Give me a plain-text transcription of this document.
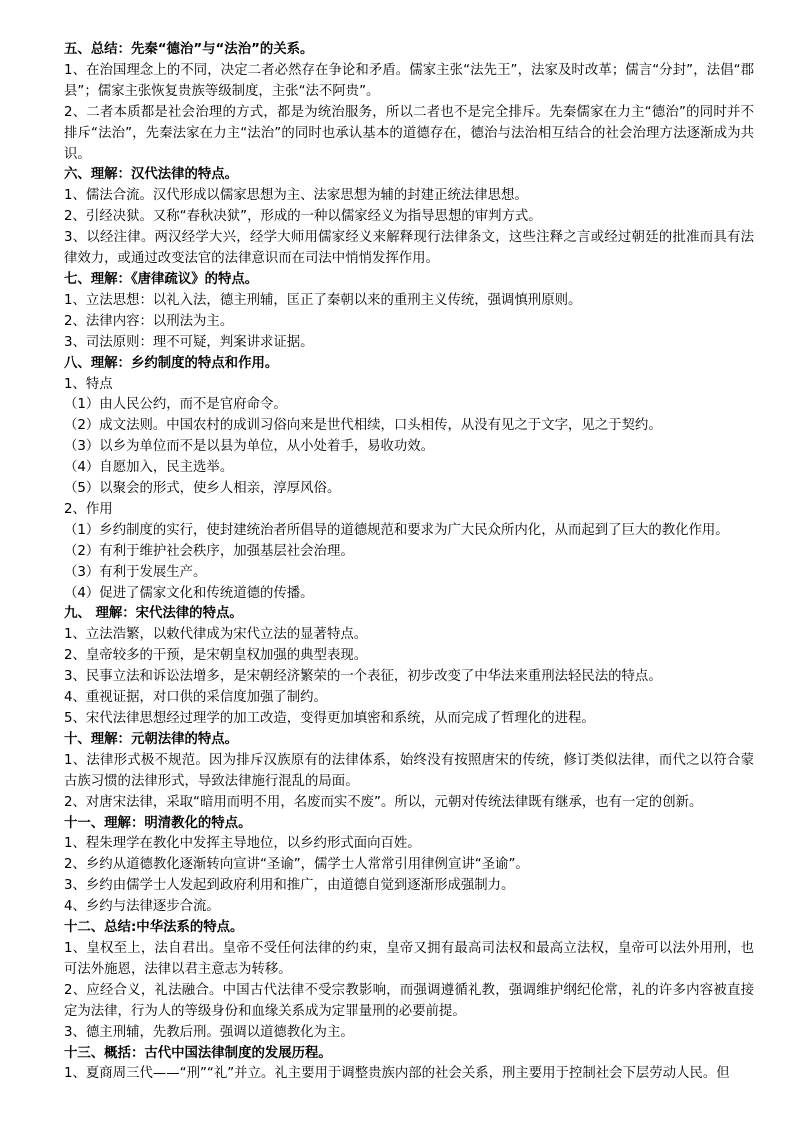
五、总结：先秦“德治”与“法治”的关系。
1、在治国理念上的不同，决定二者必然存在争论和矛盾。儒家主张“法先王”，法家及时改革；儒言“分封”，法倡“郡县”；儒家主张恢复贵族等级制度，主张“法不阿贵”。
2、二者本质都是社会治理的方式，都是为统治服务，所以二者也不是完全排斥。先秦儒家在力主“德治”的同时并不排斥“法治”，先秦法家在力主“法治”的同时也承认基本的道德存在，德治与法治相互结合的社会治理方法逐渐成为共识。
六、理解：汉代法律的特点。
1、儒法合流。汉代形成以儒家思想为主、法家思想为辅的封建正统法律思想。
2、引经决狱。又称“春秋决狱”，形成的一种以儒家经义为指导思想的审判方式。
3、以经注律。两汉经学大兴，经学大师用儒家经义来解释现行法律条文，这些注释之言或经过朝廷的批准而具有法律效力，或通过改变法官的法律意识而在司法中悄悄发挥作用。
七、理解：《唐律疏议》的特点。
1、立法思想：以礼入法，德主刑辅，匡正了秦朝以来的重刑主义传统，强调慎刑原则。
2、法律内容：以刑法为主。
3、司法原则：理不可疑，判案讲求证据。
八、理解：乡约制度的特点和作用。
1、特点
（1）由人民公约，而不是官府命令。
（2）成文法则。中国农村的成训习俗向来是世代相续，口头相传，从没有见之于文字，见之于契约。
（3）以乡为单位而不是以县为单位，从小处着手，易收功效。
（4）自愿加入，民主选举。
（5）以聚会的形式，使乡人相亲，淳厚风俗。
2、作用
（1）乡约制度的实行，使封建统治者所倡导的道德规范和要求为广大民众所内化，从而起到了巨大的教化作用。
（2）有利于维护社会秩序，加强基层社会治理。
（3）有利于发展生产。
（4）促进了儒家文化和传统道德的传播。
九、 理解：宋代法律的特点。
1、立法浩繁，以敕代律成为宋代立法的显著特点。
2、皇帝较多的干预，是宋朝皇权加强的典型表现。
3、民事立法和诉讼法增多，是宋朝经济繁荣的一个表征，初步改变了中华法来重刑法轻民法的特点。
4、重视证据，对口供的采信度加强了制约。
5、宋代法律思想经过理学的加工改造，变得更加填密和系统，从而完成了哲理化的进程。
十、理解：元朝法律的特点。
1、法律形式极不规范。因为排斥汉族原有的法律体系，始终没有按照唐宋的传统，修订类似法律，而代之以符合蒙古族习惯的法律形式，导致法律施行混乱的局面。
2、对唐宋法律，采取“暗用而明不用，名废而实不废”。所以，元朝对传统法律既有继承，也有一定的创新。
十一、理解：明清教化的特点。
1、程朱理学在教化中发挥主导地位，以乡约形式面向百姓。
2、乡约从道德教化逐渐转向宣讲“圣谕”，儒学士人常常引用律例宣讲“圣谕”。
3、乡约由儒学士人发起到政府利用和推广，由道德自觉到逐渐形成强制力。
4、乡约与法律逐步合流。
十二、总结:中华法系的特点。
1、皇权至上，法自君出。皇帝不受任何法律的约束，皇帝又拥有最高司法权和最高立法权，皇帝可以法外用刑，也可法外施恩，法律以君主意志为转移。
2、应经合义，礼法融合。中国古代法律不受宗教影响，而强调遵循礼教，强调维护纲纪伦常，礼的许多内容被直接定为法律，行为人的等级身份和血缘关系成为定罪量刑的必要前提。
3、德主刑辅，先教后刑。强调以道德教化为主。
十三、概括：古代中国法律制度的发展历程。
1、夏商周三代——“刑”“礼”并立。礼主要用于调整贵族内部的社会关系，刑主要用于控制社会下层劳动人民。但
